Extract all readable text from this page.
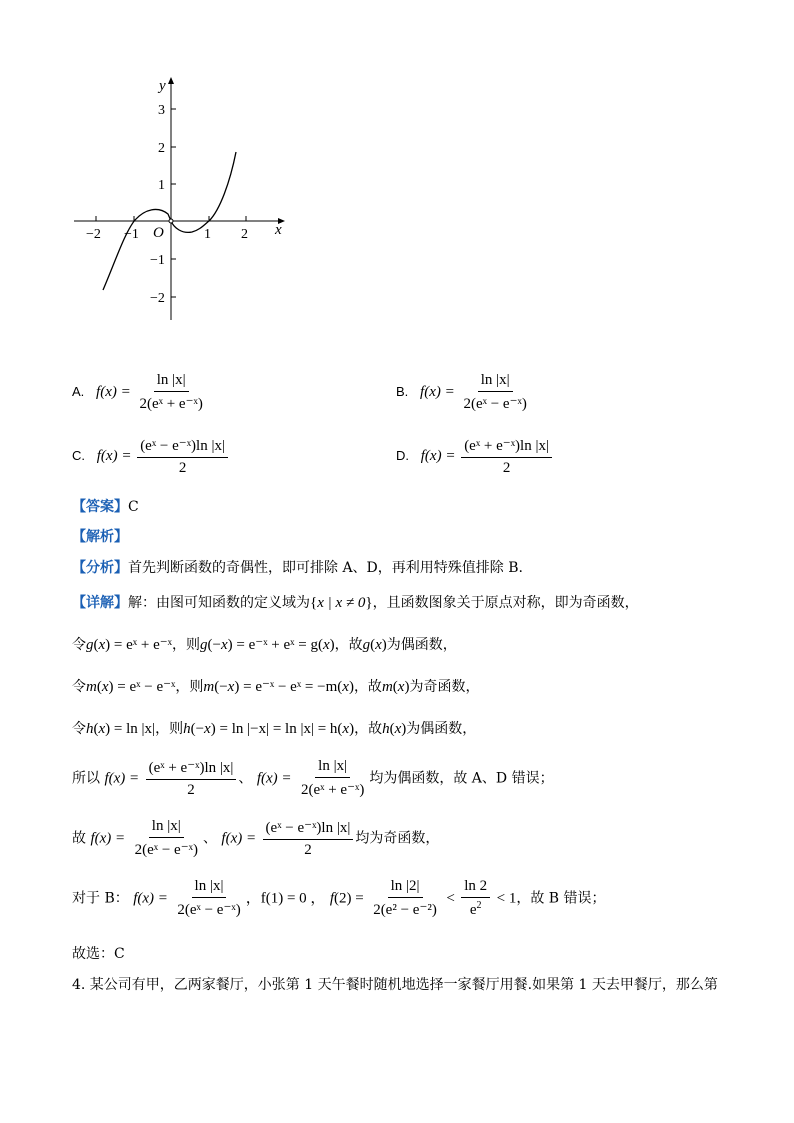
y
x
O
3
2
1
−1
−2
−2 −1	1 2
A. $f(x) = \frac{\ln |x|}{\text{2(eˣ + e⁻ˣ)}}$	B. $f(x) = \frac{\ln |x|}{\text{2(eˣ − e⁻ˣ)}}$
C. $f(x) = \frac{\text{(eˣ − e⁻ˣ)ln |x|}}{2}$	D. $f(x) = \frac{\text{(eˣ + e⁻ˣ)ln |x|}}{2}$
【答案】C
【解析】
【分析】首先判断函数的奇偶性，即可排除 A、D，再利用特殊值排除 B.
【详解】解：由图可知函数的定义域为{x | x ≠ 0}，且函数图象关于原点对称，即为奇函数，
令g(x) = eˣ + e⁻ˣ，则g(−x) = e⁻ˣ + eˣ = g(x)，故g(x)为偶函数，
令m(x) = eˣ − e⁻ˣ，则m(−x) = e⁻ˣ − eˣ = −m(x)，故m(x)为奇函数，
令h(x) = ln |x|，则h(−x) = ln |−x| = ln |x| = h(x)，故h(x)为偶函数，
所以 $f(x) = \frac{\text{(eˣ + e⁻ˣ)ln |x|}}{2}$ 、 $f(x) = \frac{\ln |x|}{\text{2(eˣ + e⁻ˣ)}}$ 均为偶函数，故 A、D 错误；
故 $f(x) = \frac{\ln |x|}{\text{2(eˣ − e⁻ˣ)}}$ 、 $f(x) = \frac{\text{(eˣ − e⁻ˣ)ln |x|}}{2}$ 均为奇函数，
对于 B： $f(x) = \frac{\ln |x|}{\text{2(eˣ − e⁻ˣ)}}$ ，f(1) = 0 ， $f(2) = \frac{\ln |2|}{\text{2(e² − e⁻²)}} < \frac{\ln 2}{e^2} < 1$，故 B 错误；
故选：C
4. 某公司有甲，乙两家餐厅，小张第 1 天午餐时随机地选择一家餐厅用餐.如果第 1 天去甲餐厅，那么第
